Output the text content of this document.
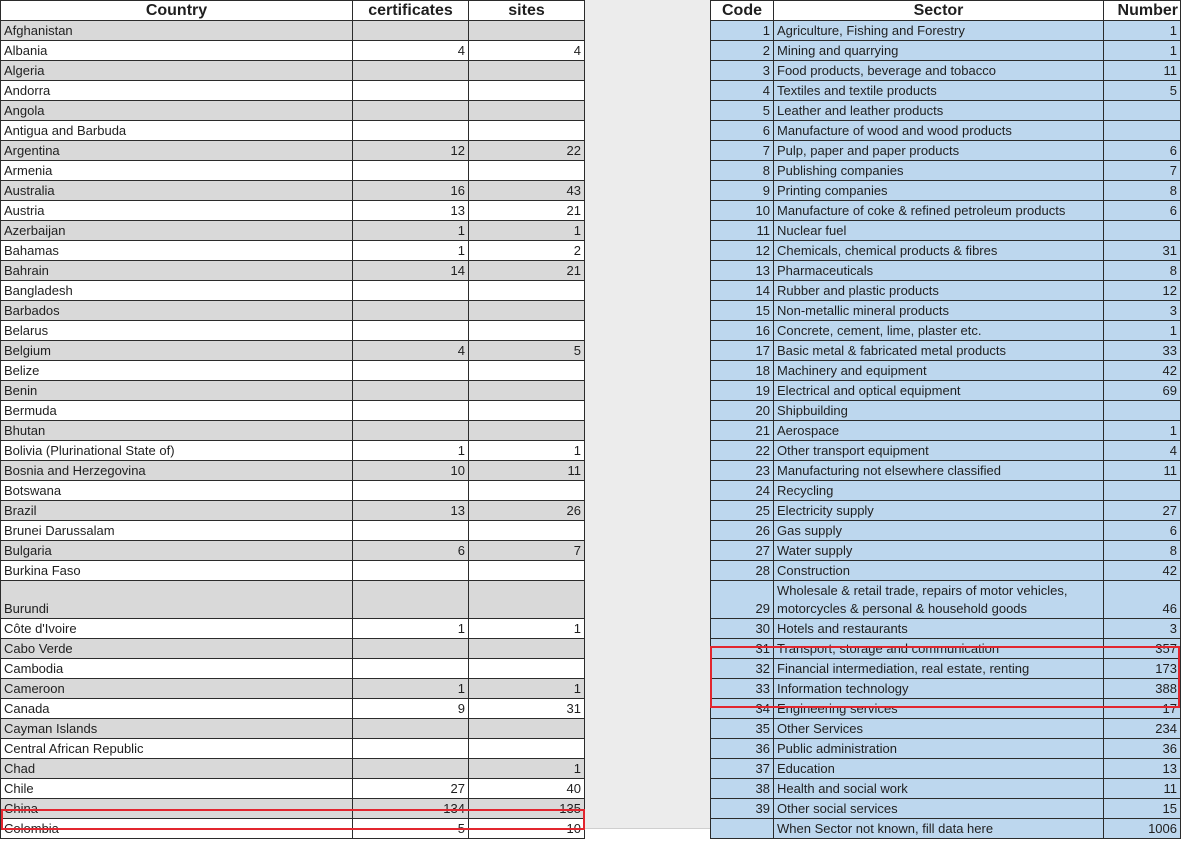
Country	certificates	sites
Afghanistan		
Albania	4	4
Algeria		
Andorra		
Angola		
Antigua and Barbuda		
Argentina	12	22
Armenia		
Australia	16	43
Austria	13	21
Azerbaijan	1	1
Bahamas	1	2
Bahrain	14	21
Bangladesh		
Barbados		
Belarus		
Belgium	4	5
Belize		
Benin		
Bermuda		
Bhutan		
Bolivia (Plurinational State of)	1	1
Bosnia and Herzegovina	10	11
Botswana		
Brazil	13	26
Brunei Darussalam		
Bulgaria	6	7
Burkina Faso		
Burundi		
Côte d'Ivoire	1	1
Cabo Verde		
Cambodia		
Cameroon	1	1
Canada	9	31
Cayman Islands		
Central African Republic		
Chad		1
Chile	27	40
China	134	135
Colombia	5	10
Code	Sector	Number
1	Agriculture, Fishing and Forestry	1
2	Mining and quarrying	1
3	Food products, beverage and tobacco	11
4	Textiles and textile products	5
5	Leather and leather products	
6	Manufacture of wood and wood products	
7	Pulp, paper and paper products	6
8	Publishing companies	7
9	Printing companies	8
10	Manufacture of coke & refined petroleum products	6
11	Nuclear fuel	
12	Chemicals, chemical products & fibres	31
13	Pharmaceuticals	8
14	Rubber and plastic products	12
15	Non-metallic mineral products	3
16	Concrete, cement, lime, plaster etc.	1
17	Basic metal & fabricated metal products	33
18	Machinery and equipment	42
19	Electrical and optical equipment	69
20	Shipbuilding	
21	Aerospace	1
22	Other transport equipment	4
23	Manufacturing not elsewhere classified	11
24	Recycling	
25	Electricity supply	27
26	Gas supply	6
27	Water supply	8
28	Construction	42
29	Wholesale & retail trade, repairs of motor vehicles, motorcycles & personal & household goods	46
30	Hotels and restaurants	3
31	Transport, storage and communication	357
32	Financial intermediation, real estate, renting	173
33	Information technology	388
34	Engineering services	17
35	Other Services	234
36	Public administration	36
37	Education	13
38	Health and social work	11
39	Other social services	15
	When Sector not known, fill data here	1006
